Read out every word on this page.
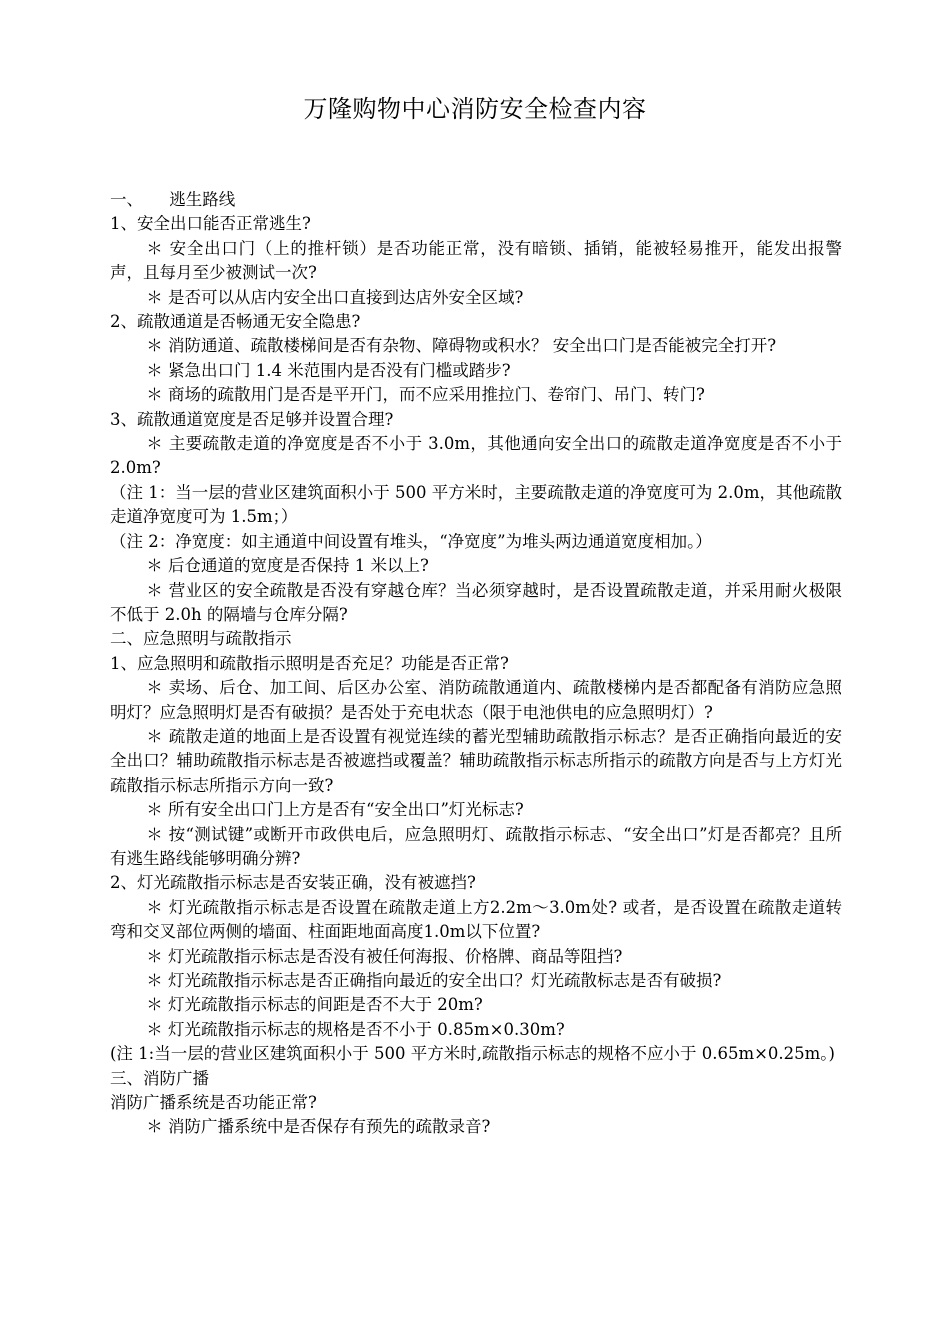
万隆购物中心消防安全检查内容

一、     逃生路线

1、安全出口能否正常逃生?

＊ 安全出口门（上的推杆锁）是否功能正常，没有暗锁、插销，能被轻易推开，能发出报警声，且每月至少被测试一次?

＊ 是否可以从店内安全出口直接到达店外安全区域?

2、疏散通道是否畅通无安全隐患?

＊ 消防通道、疏散楼梯间是否有杂物、障碍物或积水？ 安全出口门是否能被完全打开?

＊ 紧急出口门 1.4 米范围内是否没有门槛或踏步?

＊ 商场的疏散用门是否是平开门，而不应采用推拉门、卷帘门、吊门、转门?

3、疏散通道宽度是否足够并设置合理?

＊ 主要疏散走道的净宽度是否不小于 3.0m，其他通向安全出口的疏散走道净宽度是否不小于 2.0m?

（注 1：当一层的营业区建筑面积小于 500 平方米时，主要疏散走道的净宽度可为 2.0m，其他疏散走道净宽度可为 1.5m；）

（注 2：净宽度：如主通道中间设置有堆头，“净宽度”为堆头两边通道宽度相加。）

＊ 后仓通道的宽度是否保持 1 米以上?

＊ 营业区的安全疏散是否没有穿越仓库？当必须穿越时，是否设置疏散走道，并采用耐火极限不低于 2.0h 的隔墙与仓库分隔?

二、应急照明与疏散指示

1、应急照明和疏散指示照明是否充足？功能是否正常?

＊ 卖场、后仓、加工间、后区办公室、消防疏散通道内、疏散楼梯内是否都配备有消防应急照明灯？应急照明灯是否有破损？是否处于充电状态（限于电池供电的应急照明灯）?

＊ 疏散走道的地面上是否设置有视觉连续的蓄光型辅助疏散指示标志？是否正确指向最近的安全出口？辅助疏散指示标志是否被遮挡或覆盖？辅助疏散指示标志所指示的疏散方向是否与上方灯光疏散指示标志所指示方向一致?

＊ 所有安全出口门上方是否有“安全出口”灯光标志?

＊ 按“测试键”或断开市政供电后，应急照明灯、疏散指示标志、“安全出口”灯是否都亮？且所有逃生路线能够明确分辨?

2、灯光疏散指示标志是否安装正确，没有被遮挡?

＊ 灯光疏散指示标志是否设置在疏散走道上方2.2m～3.0m处? 或者，是否设置在疏散走道转弯和交叉部位两侧的墙面、柱面距地面高度1.0m以下位置?

＊ 灯光疏散指示标志是否没有被任何海报、价格牌、商品等阻挡?

＊ 灯光疏散指示标志是否正确指向最近的安全出口？灯光疏散标志是否有破损?

＊ 灯光疏散指示标志的间距是否不大于 20m?

＊ 灯光疏散指示标志的规格是否不小于 0.85m×0.30m?

(注 1:当一层的营业区建筑面积小于 500 平方米时,疏散指示标志的规格不应小于 0.65m×0.25m。)

三、消防广播

消防广播系统是否功能正常?

＊ 消防广播系统中是否保存有预先的疏散录音?
